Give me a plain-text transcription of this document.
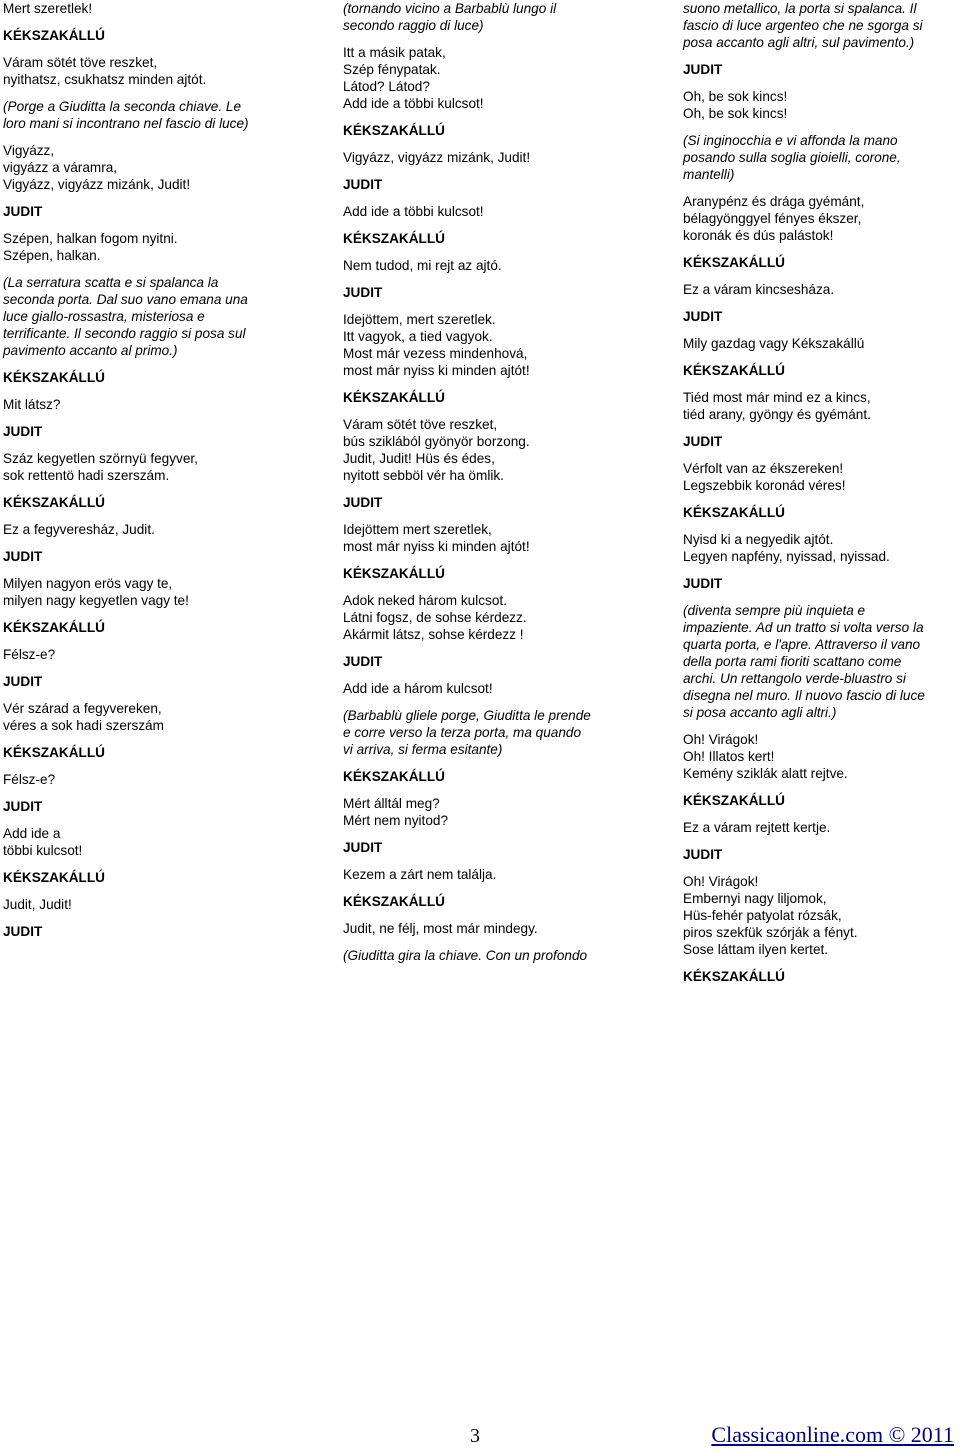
Mert szeretlek!
KÉKSZAKÁLLÚ
Váram sötét töve reszket,
nyithatsz, csukhatsz minden ajtót.
(Porge a Giuditta la seconda chiave. Le
loro mani si incontrano nel fascio di luce)
Vigyázz,
vigyázz a váramra,
Vigyázz, vigyázz mizánk, Judit!
JUDIT
Szépen, halkan fogom nyitni.
Szépen, halkan.
(La serratura scatta e si spalanca la
seconda porta. Dal suo vano emana una
luce giallo-rossastra, misteriosa e
terrificante. Il secondo raggio si posa sul
pavimento accanto al primo.)
KÉKSZAKÁLLÚ
Mit látsz?
JUDIT
Száz kegyetlen szörnyü fegyver,
sok rettentö hadi szerszám.
KÉKSZAKÁLLÚ
Ez a fegyveresház, Judit.
JUDIT
Milyen nagyon erös vagy te,
milyen nagy kegyetlen vagy te!
KÉKSZAKÁLLÚ
Félsz-e?
JUDIT
Vér szárad a fegyvereken,
véres a sok hadi szerszám
KÉKSZAKÁLLÚ
Félsz-e?
JUDIT
Add ide a
többi kulcsot!
KÉKSZAKÁLLÚ
Judit, Judit!
JUDIT
(tornando vicino a Barbablù lungo il
secondo raggio di luce)
Itt a másik patak,
Szép fénypatak.
Látod? Látod?
Add ide a többi kulcsot!
KÉKSZAKÁLLÚ
Vigyázz, vigyázz mizánk, Judit!
JUDIT
Add ide a többi kulcsot!
KÉKSZAKÁLLÚ
Nem tudod, mi rejt az ajtó.
JUDIT
Idejöttem, mert szeretlek.
Itt vagyok, a tied vagyok.
Most már vezess mindenhová,
most már nyiss ki minden ajtót!
KÉKSZAKÁLLÚ
Váram sötét töve reszket,
bús sziklából gyönyör borzong.
Judit, Judit! Hüs és édes,
nyitott sebböl vér ha ömlik.
JUDIT
Idejöttem mert szeretlek,
most már nyiss ki minden ajtót!
KÉKSZAKÁLLÚ
Adok neked három kulcsot.
Látni fogsz, de sohse kérdezz.
Akármit látsz, sohse kérdezz !
JUDIT
Add ide a három kulcsot!
(Barbablù gliele porge, Giuditta le prende
e corre verso la terza porta, ma quando
vi arriva, si ferma esitante)
KÉKSZAKÁLLÚ
Mért álltál meg?
Mért nem nyitod?
JUDIT
Kezem a zárt nem találja.
KÉKSZAKÁLLÚ
Judit, ne félj, most már mindegy.
(Giuditta gira la chiave. Con un profondo
suono metallico, la porta si spalanca. Il
fascio di luce argenteo che ne sgorga si
posa accanto agli altri, sul pavimento.)
JUDIT
Oh, be sok kincs!
Oh, be sok kincs!
(Si inginocchia e vi affonda la mano
posando sulla soglia gioielli, corone,
mantelli)
Aranypénz és drága gyémánt,
bélagyönggyel fényes ékszer,
koronák és dús palástok!
KÉKSZAKÁLLÚ
Ez a váram kincsesháza.
JUDIT
Mily gazdag vagy Kékszakállú
KÉKSZAKÁLLÚ
Tiéd most már mind ez a kincs,
tiéd arany, gyöngy és gyémánt.
JUDIT
Vérfolt van az ékszereken!
Legszebbik koronád véres!
KÉKSZAKÁLLÚ
Nyisd ki a negyedik ajtót.
Legyen napfény, nyissad, nyissad.
JUDIT
(diventa sempre più inquieta e
impaziente. Ad un tratto si volta verso la
quarta porta, e l'apre. Attraverso il vano
della porta rami fioriti scattano come
archi. Un rettangolo verde-bluastro si
disegna nel muro. Il nuovo fascio di luce
si posa accanto agli altri.)
Oh! Virágok!
Oh! Illatos kert!
Kemény sziklák alatt rejtve.
KÉKSZAKÁLLÚ
Ez a váram rejtett kertje.
JUDIT
Oh! Virágok!
Embernyi nagy liljomok,
Hüs-fehér patyolat rózsák,
piros szekfük szórják a fényt.
Sose láttam ilyen kertet.
KÉKSZAKÁLLÚ
3	Classicaonline.com © 2011
